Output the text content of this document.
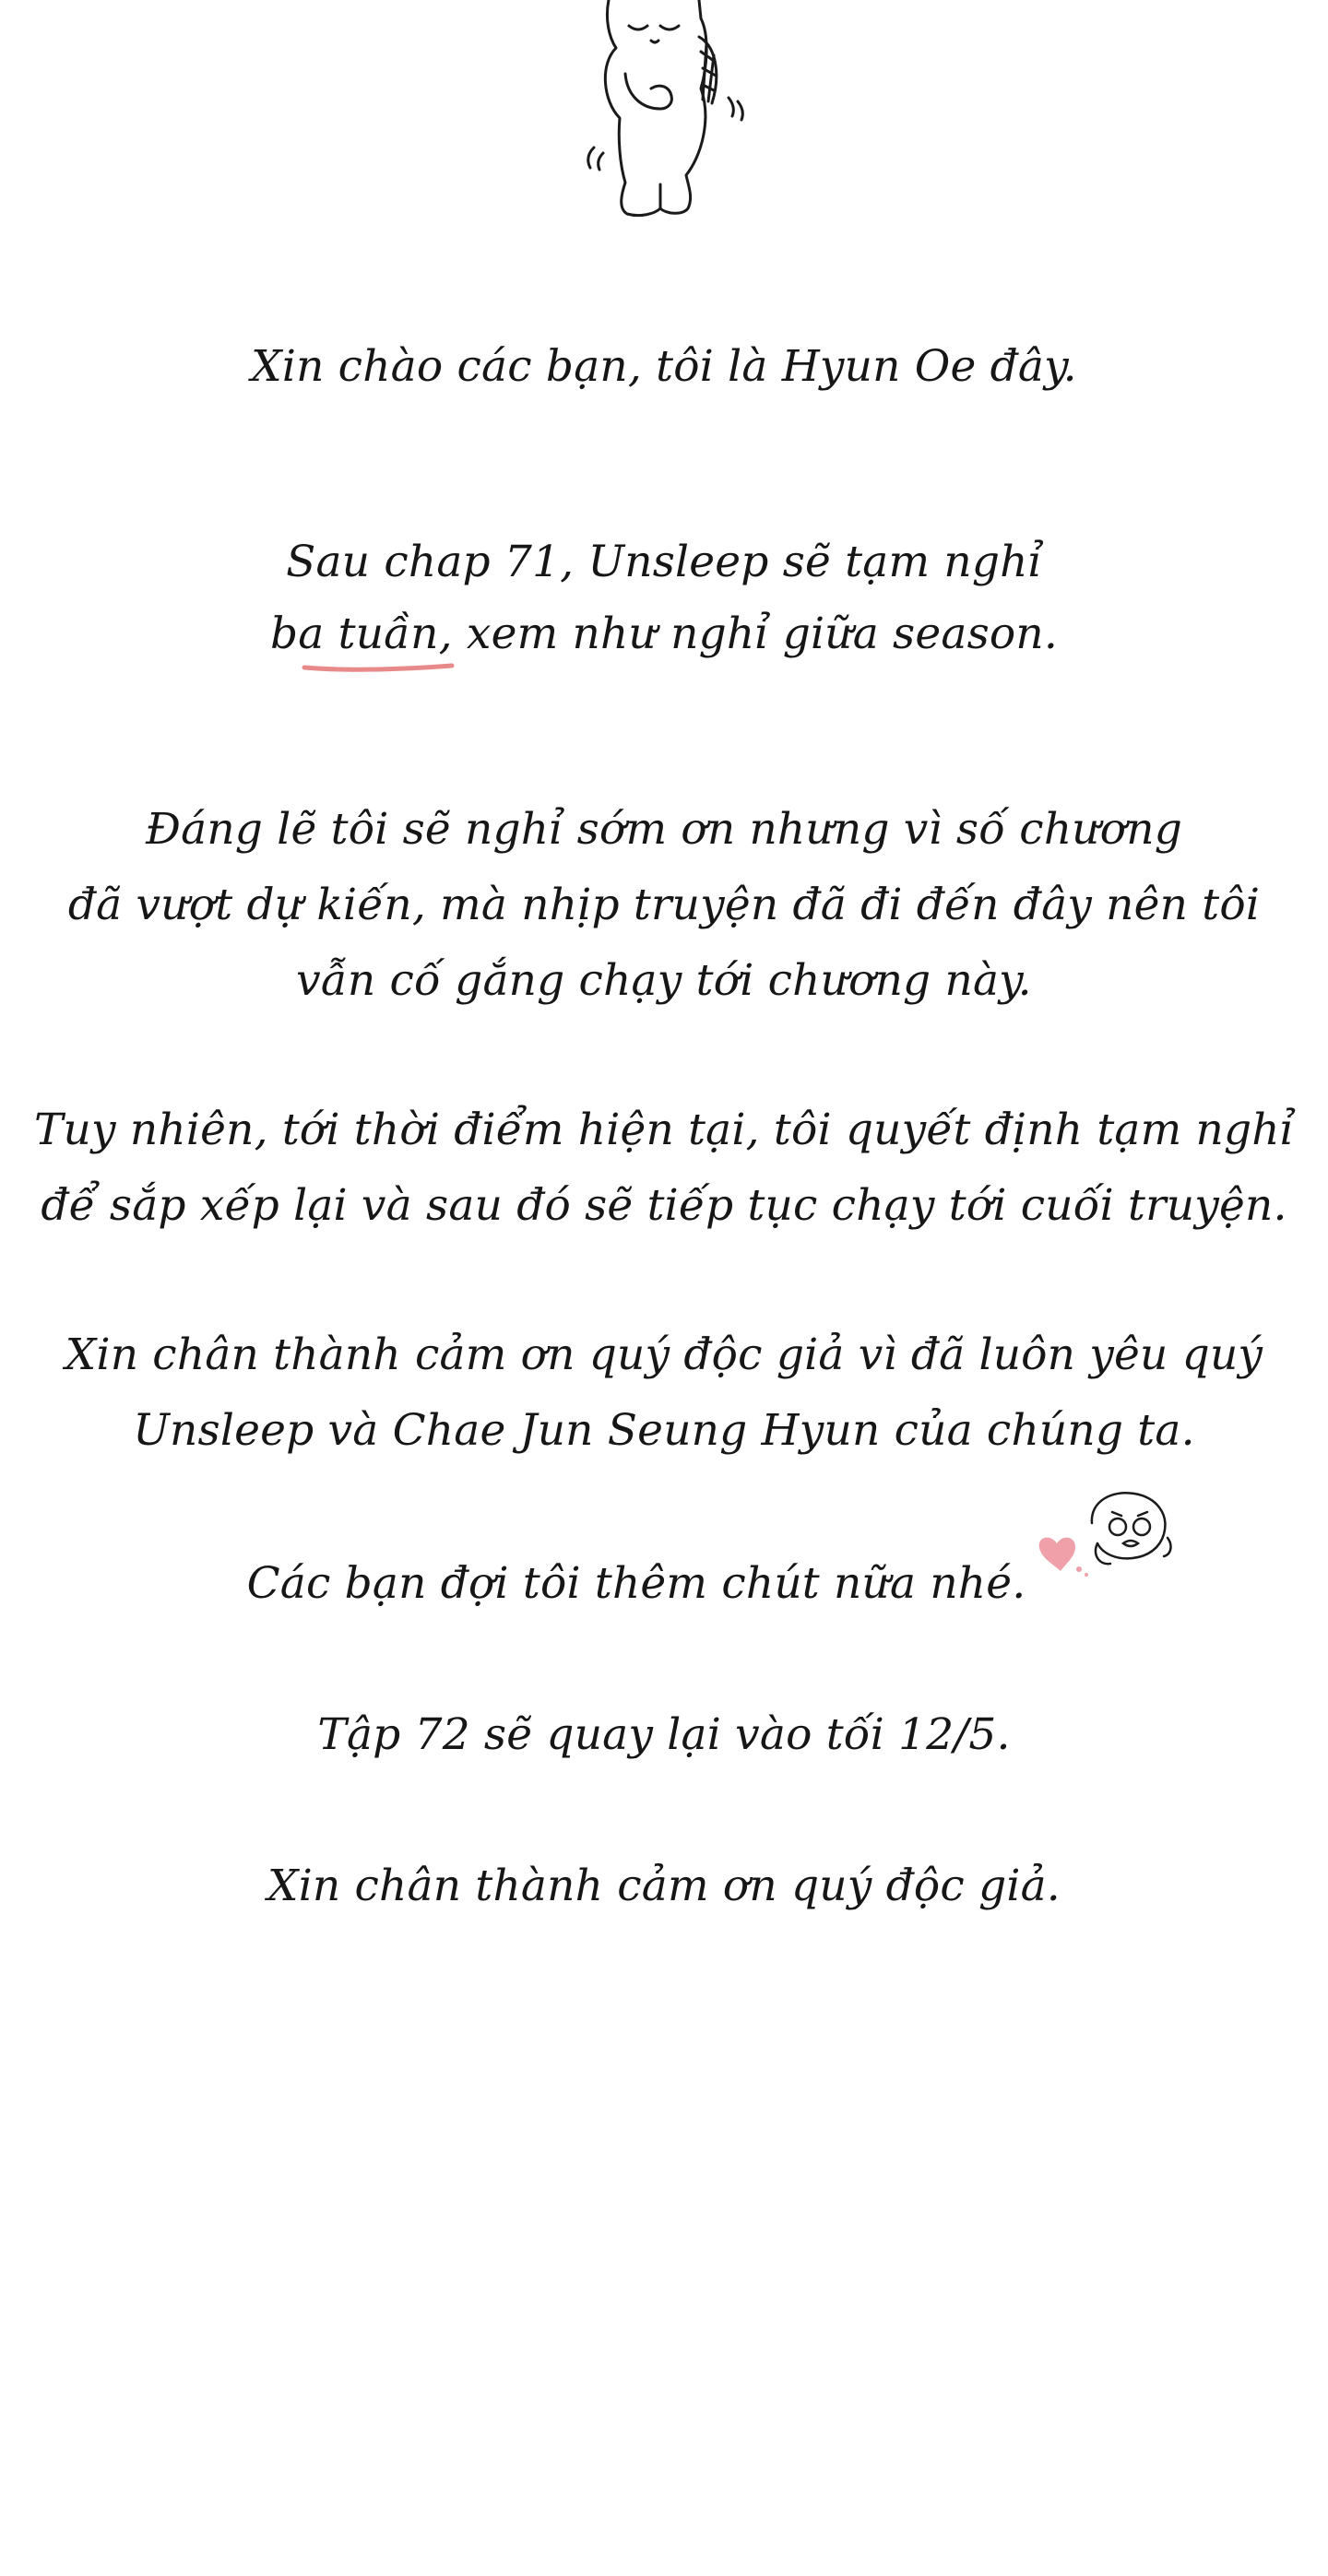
Xin chào các bạn, tôi là Hyun Oe đây.
Sau chap 71, Unsleep sẽ tạm nghỉ
ba tuần, xem như nghỉ giữa season.
Đáng lẽ tôi sẽ nghỉ sớm ơn nhưng vì số chương
đã vượt dự kiến, mà nhịp truyện đã đi đến đây nên tôi
vẫn cố gắng chạy tới chương này.
Tuy nhiên, tới thời điểm hiện tại, tôi quyết định tạm nghỉ
để sắp xếp lại và sau đó sẽ tiếp tục chạy tới cuối truyện.
Xin chân thành cảm ơn quý độc giả vì đã luôn yêu quý
Unsleep và Chae Jun Seung Hyun của chúng ta.
Các bạn đợi tôi thêm chút nữa nhé.
Tập 72 sẽ quay lại vào tối 12/5.
Xin chân thành cảm ơn quý độc giả.
